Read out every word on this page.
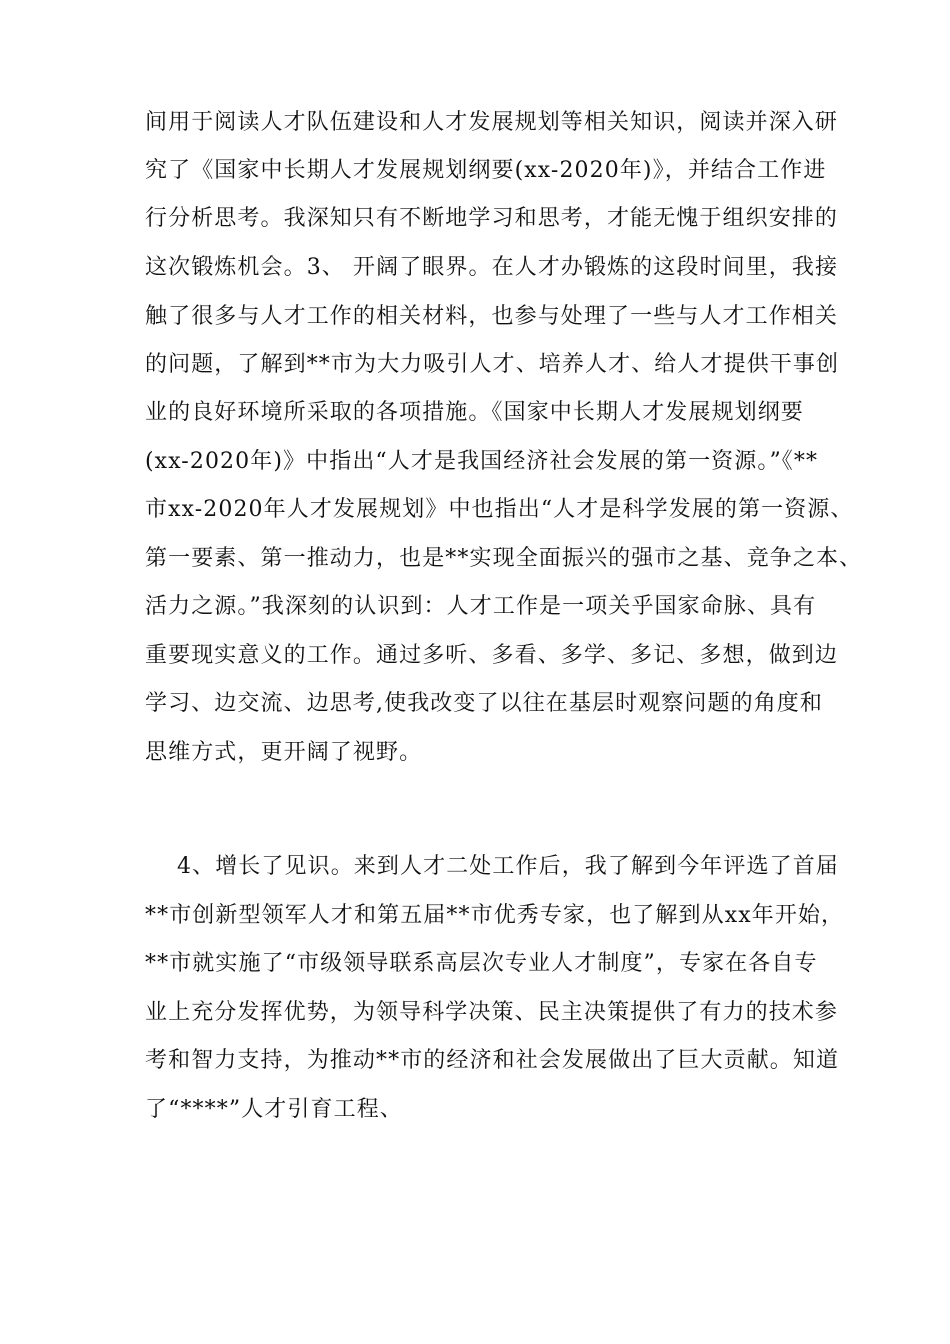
间用于阅读人才队伍建设和人才发展规划等相关知识，阅读并深入研
究了《国家中长期人才发展规划纲要(xx-2020年)》，并结合工作进
行分析思考。我深知只有不断地学习和思考，才能无愧于组织安排的
这次锻炼机会。3、 开阔了眼界。在人才办锻炼的这段时间里，我接
触了很多与人才工作的相关材料，也参与处理了一些与人才工作相关
的问题，了解到**市为大力吸引人才、培养人才、给人才提供干事创
业的良好环境所采取的各项措施。《国家中长期人才发展规划纲要
(xx-2020年)》中指出“人才是我国经济社会发展的第一资源。”《**
市xx-2020年人才发展规划》中也指出“人才是科学发展的第一资源、
第一要素、第一推动力，也是**实现全面振兴的强市之基、竞争之本、
活力之源。”我深刻的认识到：人才工作是一项关乎国家命脉、具有
重要现实意义的工作。通过多听、多看、多学、多记、多想，做到边
学习、边交流、边思考,使我改变了以往在基层时观察问题的角度和
思维方式，更开阔了视野。
4、增长了见识。来到人才二处工作后，我了解到今年评选了首届
**市创新型领军人才和第五届**市优秀专家，也了解到从xx年开始，
**市就实施了“市级领导联系高层次专业人才制度”，专家在各自专
业上充分发挥优势，为领导科学决策、民主决策提供了有力的技术参
考和智力支持，为推动**市的经济和社会发展做出了巨大贡献。知道
了“****”人才引育工程、
